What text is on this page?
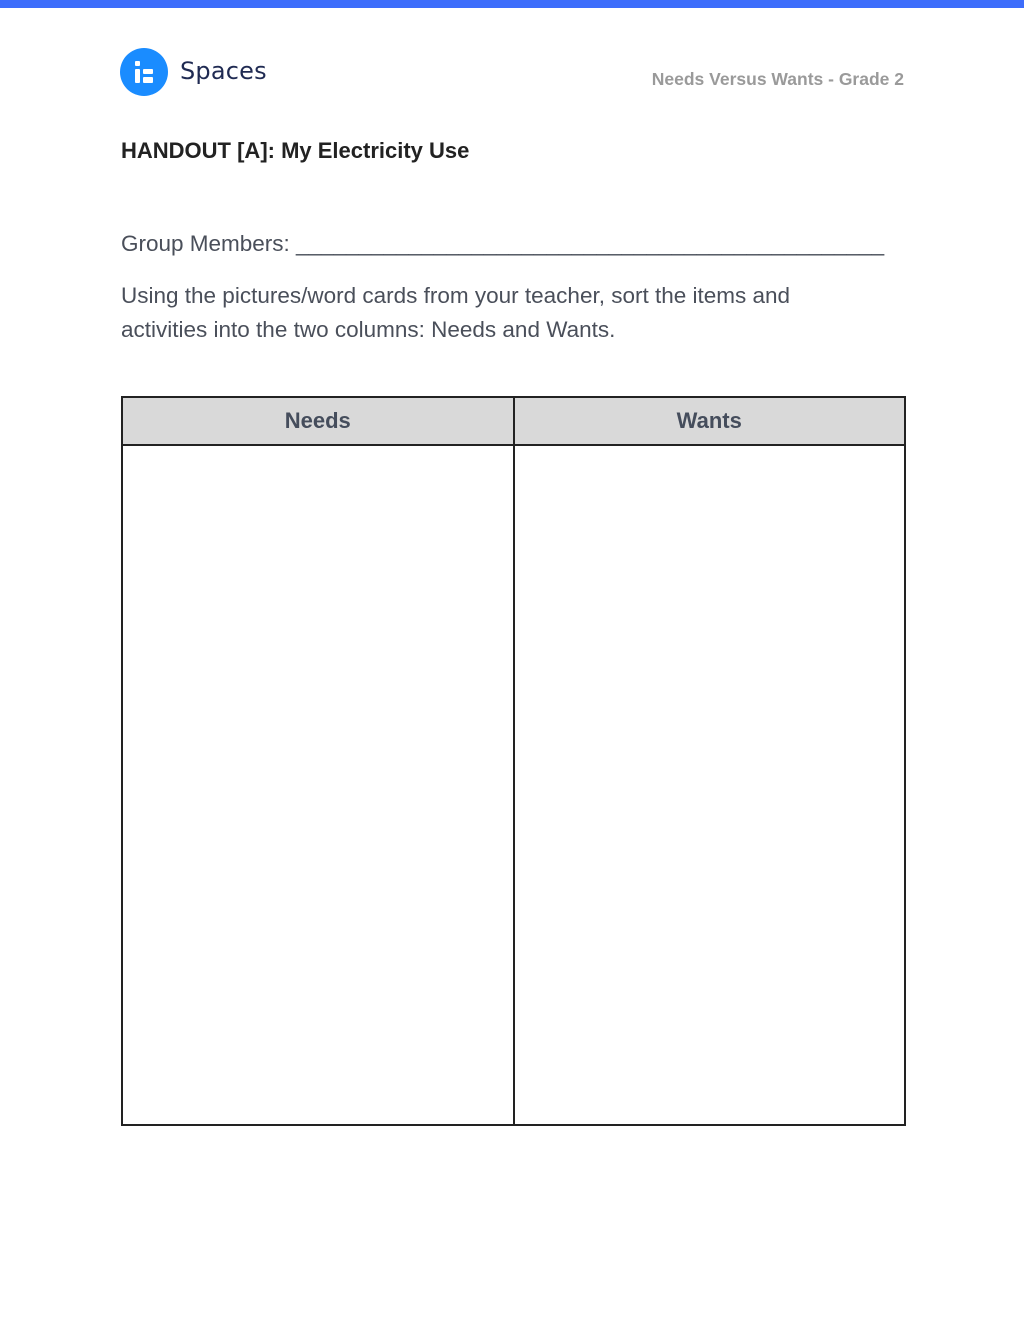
Spaces	Needs Versus Wants - Grade 2
HANDOUT [A]: My Electricity Use
Group Members: _______________________________________________

Using the pictures/word cards from your teacher, sort the items and activities into the two columns: Needs and Wants.

Needs	Wants
